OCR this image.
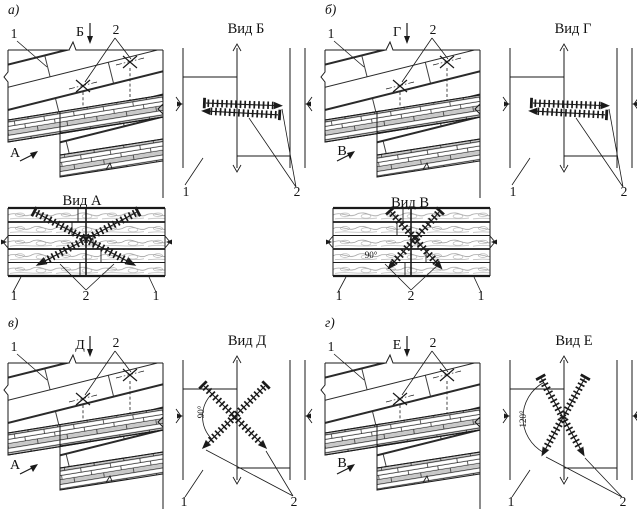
а)
1	Б 2
А
Вид Б
1	2
б)
1	Г 2
В
Вид Г
1	2
Вид А
1	2	1
Вид В
90°
1	2	1
90°
в)
1	Д 2
А
Вид Д
1	2
120°
г)
1	Е 2
В
Вид Е
1	2
